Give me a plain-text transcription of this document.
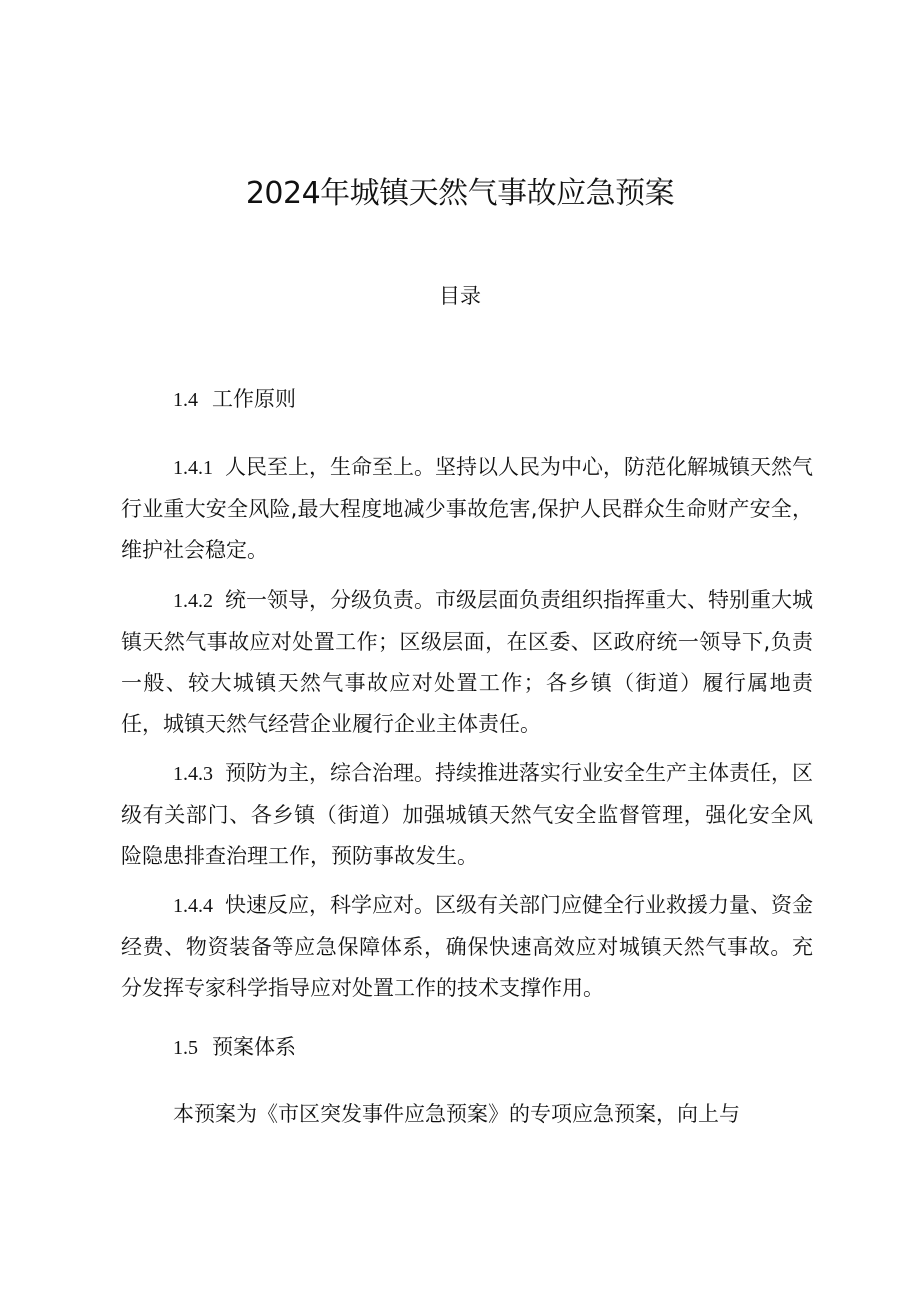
2024年城镇天然气事故应急预案
目录
1.4 工作原则
1.4.1 人民至上，生命至上。坚持以人民为中心，防范化解城镇天然气行业重大安全风险,最大程度地减少事故危害,保护人民群众生命财产安全，维护社会稳定。
1.4.2 统一领导，分级负责。市级层面负责组织指挥重大、特别重大城镇天然气事故应对处置工作；区级层面，在区委、区政府统一领导下,负责一般、较大城镇天然气事故应对处置工作；各乡镇（街道）履行属地责任，城镇天然气经营企业履行企业主体责任。
1.4.3 预防为主，综合治理。持续推进落实行业安全生产主体责任，区级有关部门、各乡镇（街道）加强城镇天然气安全监督管理，强化安全风险隐患排查治理工作，预防事故发生。
1.4.4 快速反应，科学应对。区级有关部门应健全行业救援力量、资金经费、物资装备等应急保障体系，确保快速高效应对城镇天然气事故。充分发挥专家科学指导应对处置工作的技术支撑作用。
1.5 预案体系
本预案为《市区突发事件应急预案》的专项应急预案，向上与
